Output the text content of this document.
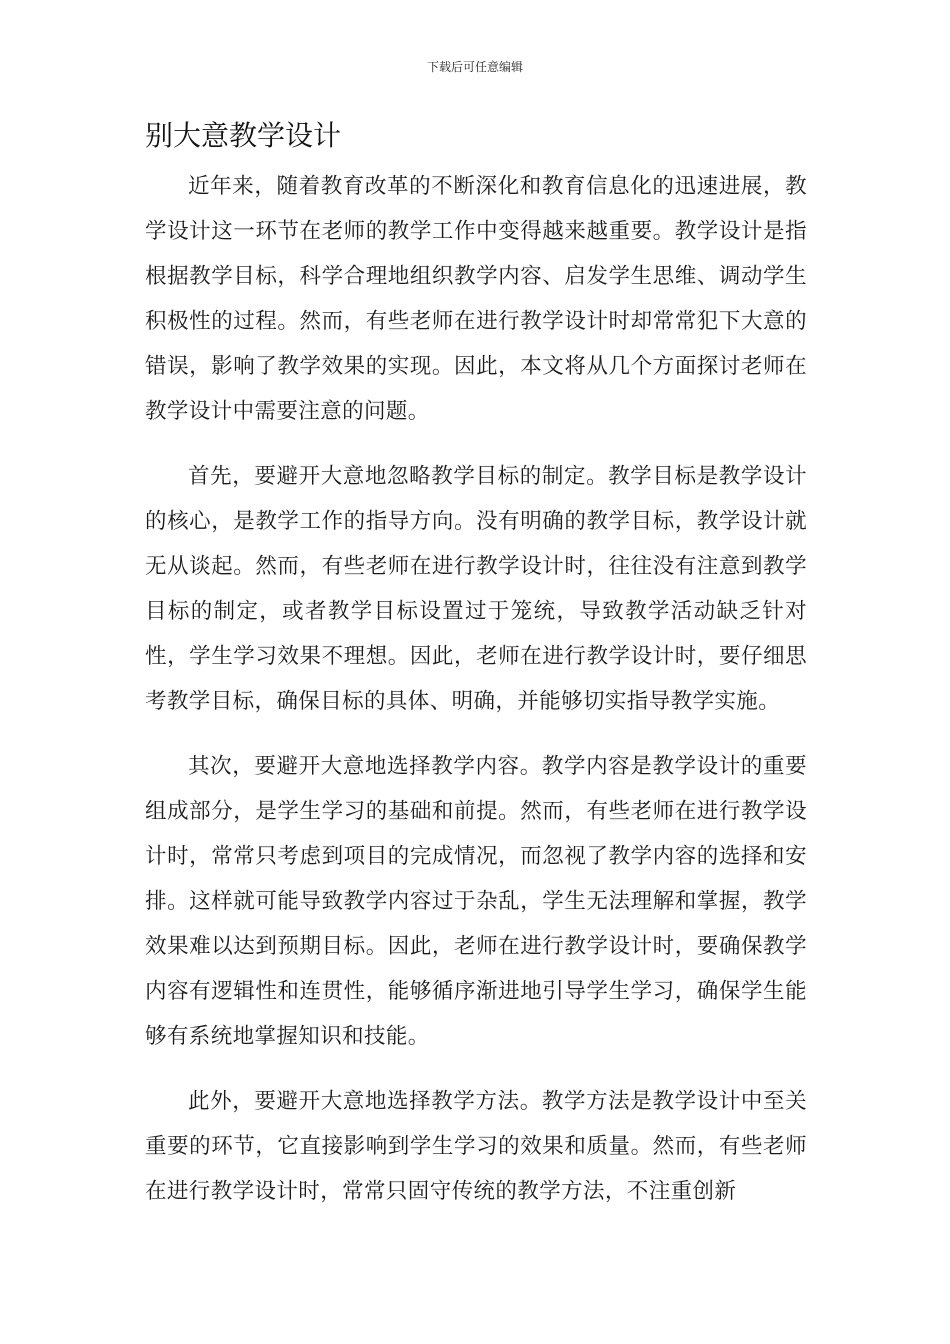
下载后可任意编辑
别大意教学设计

近年来，随着教育改革的不断深化和教育信息化的迅速进展，教学设计这一环节在老师的教学工作中变得越来越重要。教学设计是指根据教学目标，科学合理地组织教学内容、启发学生思维、调动学生积极性的过程。然而，有些老师在进行教学设计时却常常犯下大意的错误，影响了教学效果的实现。因此，本文将从几个方面探讨老师在教学设计中需要注意的问题。

首先，要避开大意地忽略教学目标的制定。教学目标是教学设计的核心，是教学工作的指导方向。没有明确的教学目标，教学设计就无从谈起。然而，有些老师在进行教学设计时，往往没有注意到教学目标的制定，或者教学目标设置过于笼统，导致教学活动缺乏针对性，学生学习效果不理想。因此，老师在进行教学设计时，要仔细思考教学目标，确保目标的具体、明确，并能够切实指导教学实施。

其次，要避开大意地选择教学内容。教学内容是教学设计的重要组成部分，是学生学习的基础和前提。然而，有些老师在进行教学设计时，常常只考虑到项目的完成情况，而忽视了教学内容的选择和安排。这样就可能导致教学内容过于杂乱，学生无法理解和掌握，教学效果难以达到预期目标。因此，老师在进行教学设计时，要确保教学内容有逻辑性和连贯性，能够循序渐进地引导学生学习，确保学生能够有系统地掌握知识和技能。

此外，要避开大意地选择教学方法。教学方法是教学设计中至关重要的环节，它直接影响到学生学习的效果和质量。然而，有些老师在进行教学设计时，常常只固守传统的教学方法，不注重创新
